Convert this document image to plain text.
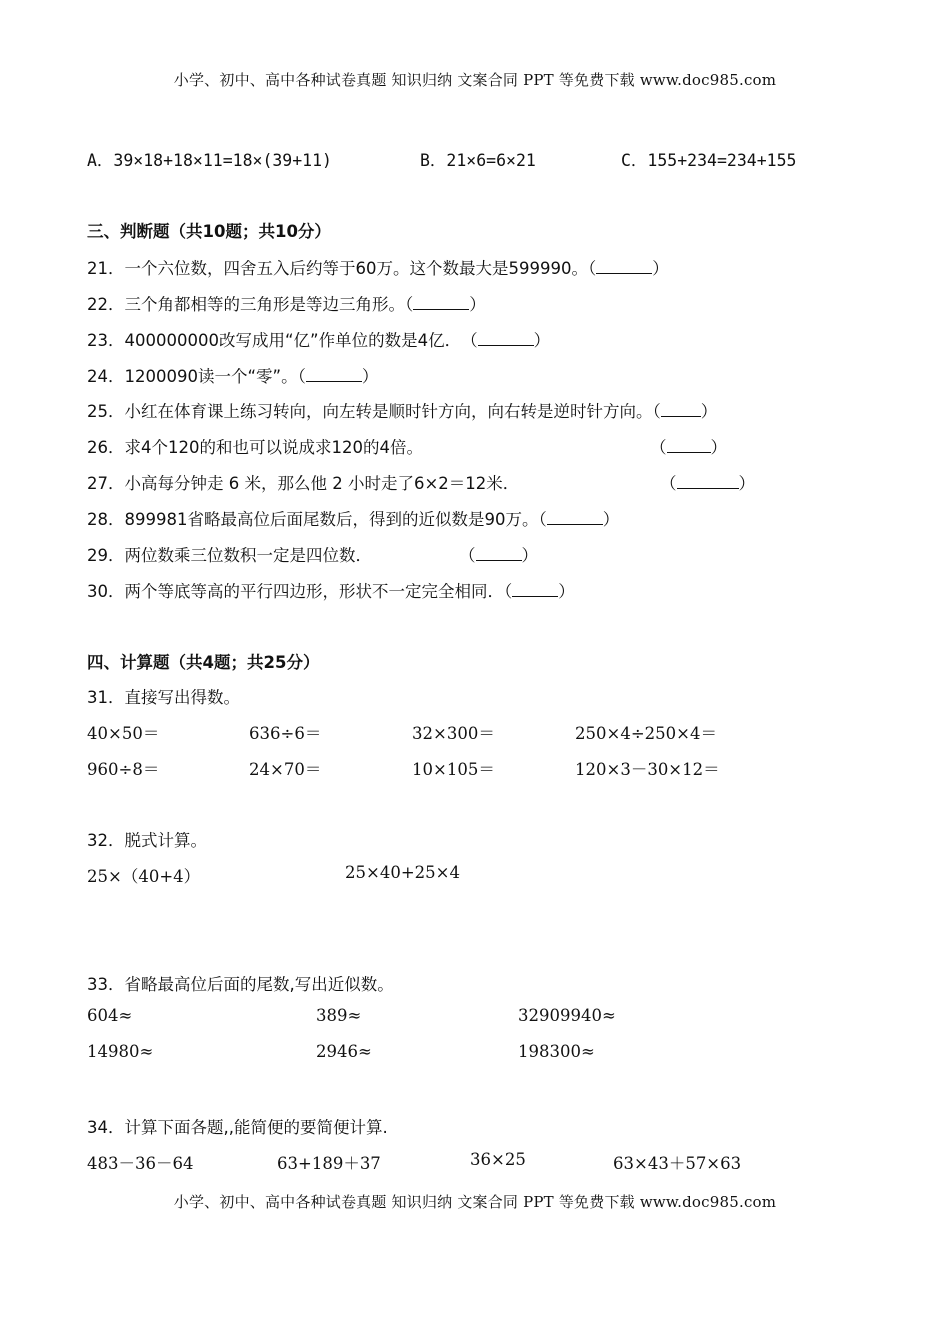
小学、初中、高中各种试卷真题 知识归纳 文案合同 PPT 等免费下载 www.doc985.com
A．39×18+18×11=18×(39+11)	B．21×6=6×21	C．155+234=234+155
三、判断题（共10题；共10分）
21．一个六位数，四舍五入后约等于60万。这个数最大是599990。（	）
22．三个角都相等的三角形是等边三角形。（	）
23．400000000改写成用“亿”作单位的数是4亿．　（	）
24．1200090读一个“零”。（	）
25．小红在体育课上练习转向，向左转是顺时针方向，向右转是逆时针方向。（ ）
26．求4个120的和也可以说成求120的4倍。	（	）
27．小高每分钟走 6 米，那么他 2 小时走了6×2＝12米．	（	）
28．899981省略最高位后面尾数后，得到的近似数是90万。（	）
29．两位数乘三位数积一定是四位数．	（	）
30．两个等底等高的平行四边形，形状不一定完全相同．（	）
四、计算题（共4题；共25分）
31．直接写出得数。
40×50＝	636÷6＝	32×300＝	250×4÷250×4＝
960÷8＝	24×70＝	10×105＝	120×3－30×12＝
32．脱式计算。
25×（40+4）	25×40+25×4
33．省略最高位后面的尾数,写出近似数。
604≈	389≈	32909940≈
14980≈	2946≈	198300≈
34．计算下面各题,,能简便的要简便计算.
483－36－64	63+189＋37	36×25	63×43＋57×63
小学、初中、高中各种试卷真题 知识归纳 文案合同 PPT 等免费下载 www.doc985.com
